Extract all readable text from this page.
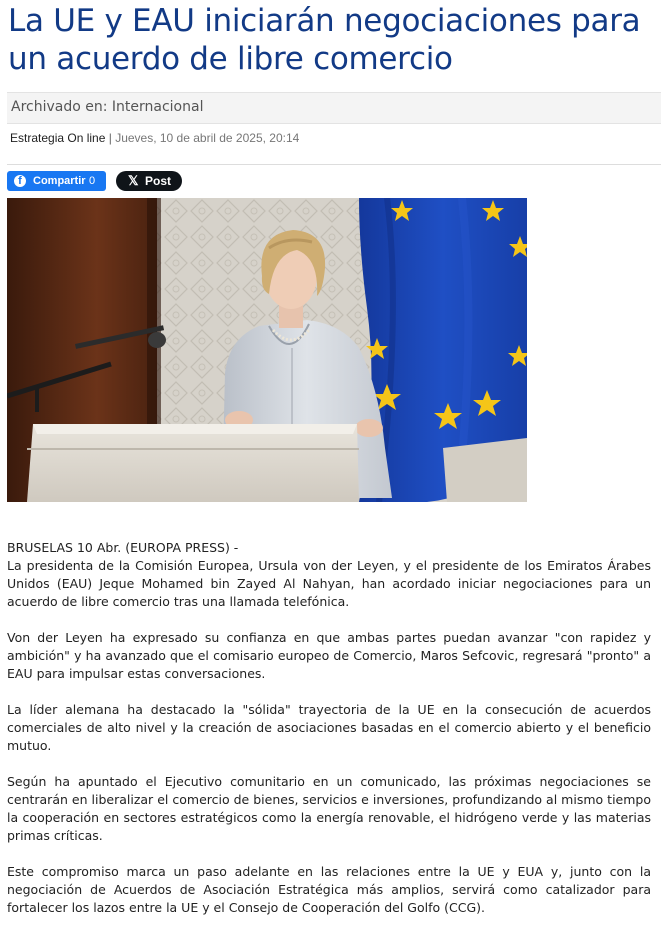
La UE y EAU iniciarán negociaciones para un acuerdo de libre comercio
Archivado en: Internacional
Estrategia On line | Jueves, 10 de abril de 2025, 20:14
f	Compartir 0	𝕏 Post
BRUSELAS 10 Abr. (EUROPA PRESS) -

La presidenta de la Comisión Europea, Ursula von der Leyen, y el presidente de los Emiratos Árabes Unidos (EAU) Jeque Mohamed bin Zayed Al Nahyan, han acordado iniciar negociaciones para un acuerdo de libre comercio tras una llamada telefónica.

Von der Leyen ha expresado su confianza en que ambas partes puedan avanzar "con rapidez y ambición" y ha avanzado que el comisario europeo de Comercio, Maros Sefcovic, regresará "pronto" a EAU para impulsar estas conversaciones.

La líder alemana ha destacado la "sólida" trayectoria de la UE en la consecución de acuerdos comerciales de alto nivel y la creación de asociaciones basadas en el comercio abierto y el beneficio mutuo.

Según ha apuntado el Ejecutivo comunitario en un comunicado, las próximas negociaciones se centrarán en liberalizar el comercio de bienes, servicios e inversiones, profundizando al mismo tiempo la cooperación en sectores estratégicos como la energía renovable, el hidrógeno verde y las materias primas críticas.

Este compromiso marca un paso adelante en las relaciones entre la UE y EUA y, junto con la negociación de Acuerdos de Asociación Estratégica más amplios, servirá como catalizador para fortalecer los lazos entre la UE y el Consejo de Cooperación del Golfo (CCG).
